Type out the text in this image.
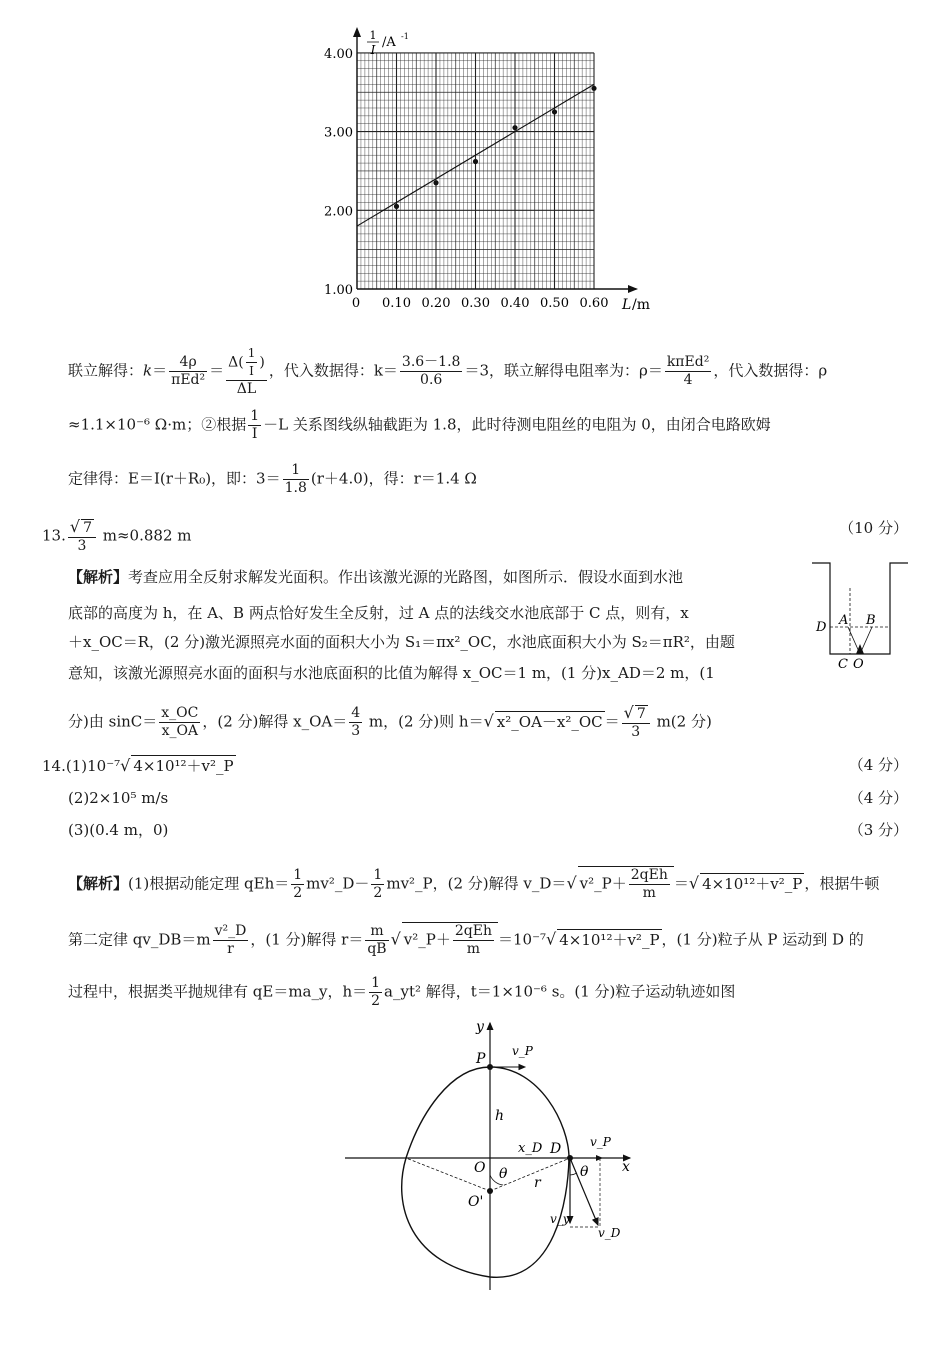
1.00
2.00
3.00
4.00
0.10 0.20 0.30 0.40 0.50 0.60
0
1
I /A -1
L /m
联立解得：$k= \frac{4\rho}{\text{πEd²}} = \frac{\Delta( \frac{1}{I} )}{\Delta L}$ ，代入数据得：$k= \frac{3.6-1.8}{0.6} =3$，联立解得电阻率为：$\rho= \frac{\text{kπEd²}}{4}$ ，代入数据得：ρ
≈1.1×10⁻⁶ Ω·m；②根据 $\frac{1}{I} -L$ 关系图线纵轴截距为 1.8，此时待测电阻丝的电阻为 0，由闭合电路欧姆
定律得：E＝I(r＋R₀)，即：$3= \frac{1}{1.8} (r+4.0)$，得：r＝1.4 Ω
13. $\frac{√ 7}{3} m\approx 0.882$ m	（10 分）
【解析】考查应用全反射求解发光面积。作出该激光源的光路图，如图所示．假设水面到水池
底部的高度为 h，在 A、B 两点恰好发生全反射，过 A 点的法线交水池底部于 C 点，则有，x
＋x_OC＝R，(2 分)激光源照亮水面的面积大小为 S₁＝πx²_OC，水池底面积大小为 S₂＝πR²，由题
意知，该激光源照亮水面的面积与水池底面积的比值为解得 x_OC＝1 m，(1 分)x_AD＝2 m，(1
分)由 $\sin C= \frac{x\_OC}{x\_OA}$ ，(2 分)解得 x_OA＝ $\frac{4}{3}$ m，(2 分)则 h＝√ x²_OA－x²_OC ＝ $\frac{√ 7}{3} m(2$ 分)
D A B
C O
14.(1)10⁻⁷√ 4×10¹²＋v²_P	（4 分）
(2)2×10⁵ m/s	（4 分）
(3)(0.4 m，0)	（3 分）
【解析】(1)根据动能定理 $qEh= \frac{1}{2}$ mv²_D－ $\frac{1}{2}$ mv²_P，(2 分)解得 v_D＝√ v²_P＋ $\frac{\text{2qEh}}{m}$ ＝√ 4×10¹²＋v²_P ，根据牛顿
第二定律 qv_DB＝m $\frac{\text{v²\_D}}{r}$ ，(1 分)解得 $r= \frac{m}{qB}$ √ v²_P＋ $\frac{\text{2qEh}}{m} =10^{-7}√$ 4×10¹²＋v²_P ，(1 分)粒子从 P 运动到 D 的
过程中，根据类平抛规律有 qE＝ma_y，$h= \frac{1}{2}$ a_yt² 解得，t＝1×10⁻⁶ s。(1 分)粒子运动轨迹如图
y
x
P v_P
h
x_D D v_P
O θ	θ
r
O'
v_y
v_D
